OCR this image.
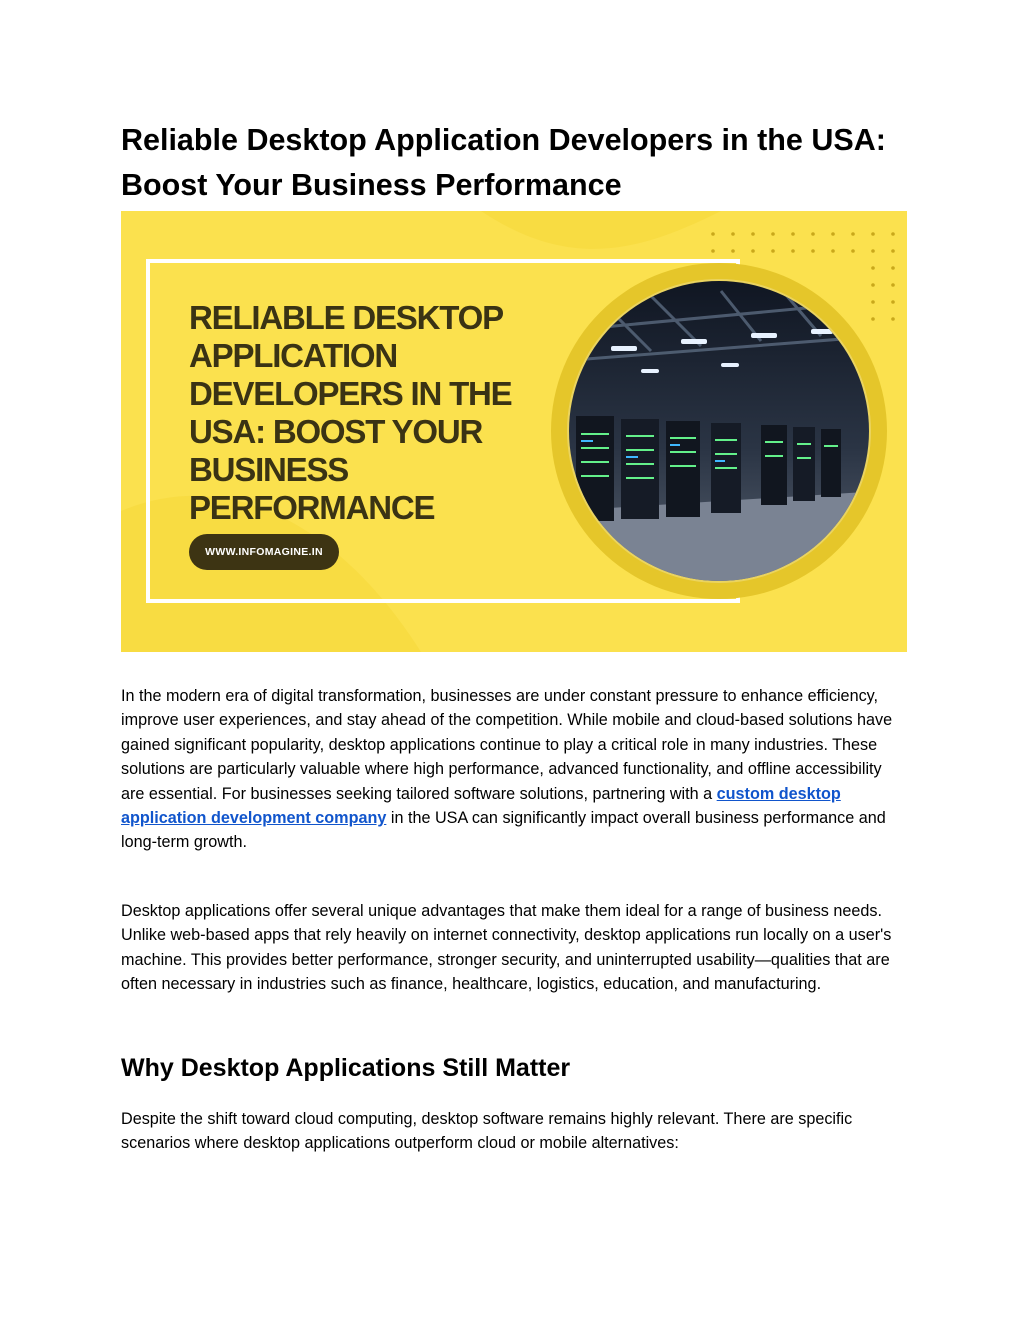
Reliable Desktop Application Developers in the USA: Boost Your Business Performance
RELIABLE DESKTOP APPLICATION DEVELOPERS IN THE USA: BOOST YOUR BUSINESS PERFORMANCE
WWW.INFOMAGINE.IN

In the modern era of digital transformation, businesses are under constant pressure to enhance efficiency, improve user experiences, and stay ahead of the competition. While mobile and cloud-based solutions have gained significant popularity, desktop applications continue to play a critical role in many industries. These solutions are particularly valuable where high performance, advanced functionality, and offline accessibility are essential. For businesses seeking tailored software solutions, partnering with a custom desktop application development company in the USA can significantly impact overall business performance and long-term growth.

Desktop applications offer several unique advantages that make them ideal for a range of business needs. Unlike web-based apps that rely heavily on internet connectivity, desktop applications run locally on a user's machine. This provides better performance, stronger security, and uninterrupted usability—qualities that are often necessary in industries such as finance, healthcare, logistics, education, and manufacturing.

Why Desktop Applications Still Matter

Despite the shift toward cloud computing, desktop software remains highly relevant. There are specific scenarios where desktop applications outperform cloud or mobile alternatives:
